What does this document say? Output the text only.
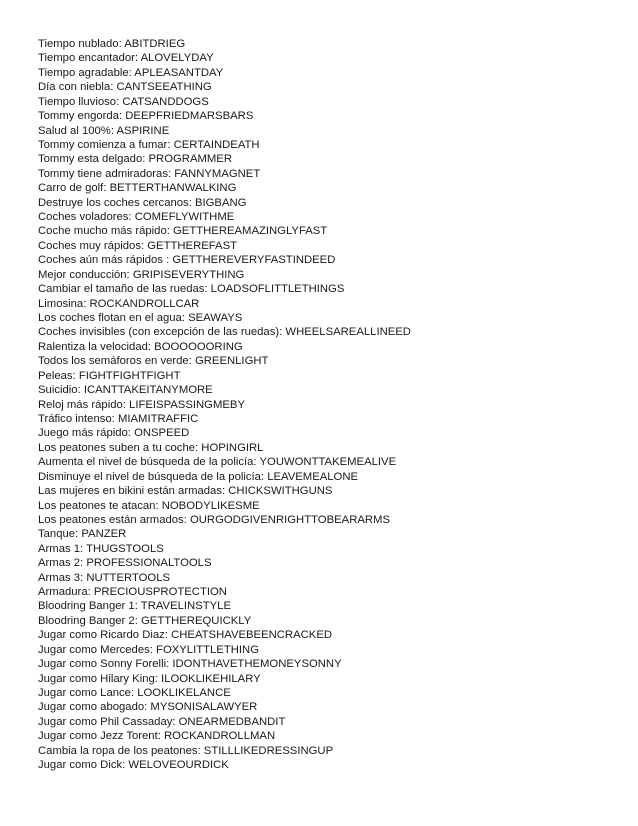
Tiempo nublado: ABITDRIEG
Tiempo encantador: ALOVELYDAY
Tiempo agradable: APLEASANTDAY
Día con niebla: CANTSEEATHING
Tiempo lluvioso: CATSANDDOGS
Tommy engorda: DEEPFRIEDMARSBARS
Salud al 100%: ASPIRINE
Tommy comienza a fumar: CERTAINDEATH
Tommy esta delgado: PROGRAMMER
Tommy tiene admiradoras: FANNYMAGNET
Carro de golf: BETTERTHANWALKING
Destruye los coches cercanos: BIGBANG
Coches voladores: COMEFLYWITHME
Coche mucho más rápido: GETTHEREAMAZINGLYFAST
Coches muy rápidos: GETTHEREFAST
Coches aún más rápidos : GETTHEREVERYFASTINDEED
Mejor conducción: GRIPISEVERYTHING
Cambiar el tamaño de las ruedas: LOADSOFLITTLETHINGS
Limosina: ROCKANDROLLCAR
Los coches flotan en el agua: SEAWAYS
Coches invisibles (con excepción de las ruedas): WHEELSAREALLINEED
Ralentiza la velocidad: BOOOOOORING
Todos los semáforos en verde: GREENLIGHT
Peleas: FIGHTFIGHTFIGHT
Suicidio: ICANTTAKEITANYMORE
Reloj más rápido: LIFEISPASSINGMEBY
Tráfico intenso: MIAMITRAFFIC
Juego más rápido: ONSPEED
Los peatones suben a tu coche: HOPINGIRL
Aumenta el nivel de búsqueda de la policía: YOUWONTTAKEMEALIVE
Disminuye el nivel de búsqueda de la policía: LEAVEMEALONE
Las mujeres en bikini están armadas: CHICKSWITHGUNS
Los peatones te atacan: NOBODYLIKESME
Los peatones están armados: OURGODGIVENRIGHTTOBEARARMS
Tanque: PANZER
Armas 1: THUGSTOOLS
Armas 2: PROFESSIONALTOOLS
Armas 3: NUTTERTOOLS
Armadura: PRECIOUSPROTECTION
Bloodring Banger 1: TRAVELINSTYLE
Bloodring Banger 2: GETTHEREQUICKLY
Jugar como Ricardo Diaz: CHEATSHAVEBEENCRACKED
Jugar como Mercedes: FOXYLITTLETHING
Jugar como Sonny Forelli: IDONTHAVETHEMONEYSONNY
Jugar como Hilary King: ILOOKLIKEHILARY
Jugar como Lance: LOOKLIKELANCE
Jugar como abogado: MYSONISALAWYER
Jugar como Phil Cassaday: ONEARMEDBANDIT
Jugar como Jezz Torent: ROCKANDROLLMAN
Cambia la ropa de los peatones: STILLLIKEDRESSINGUP
Jugar como Dick: WELOVEOURDICK
